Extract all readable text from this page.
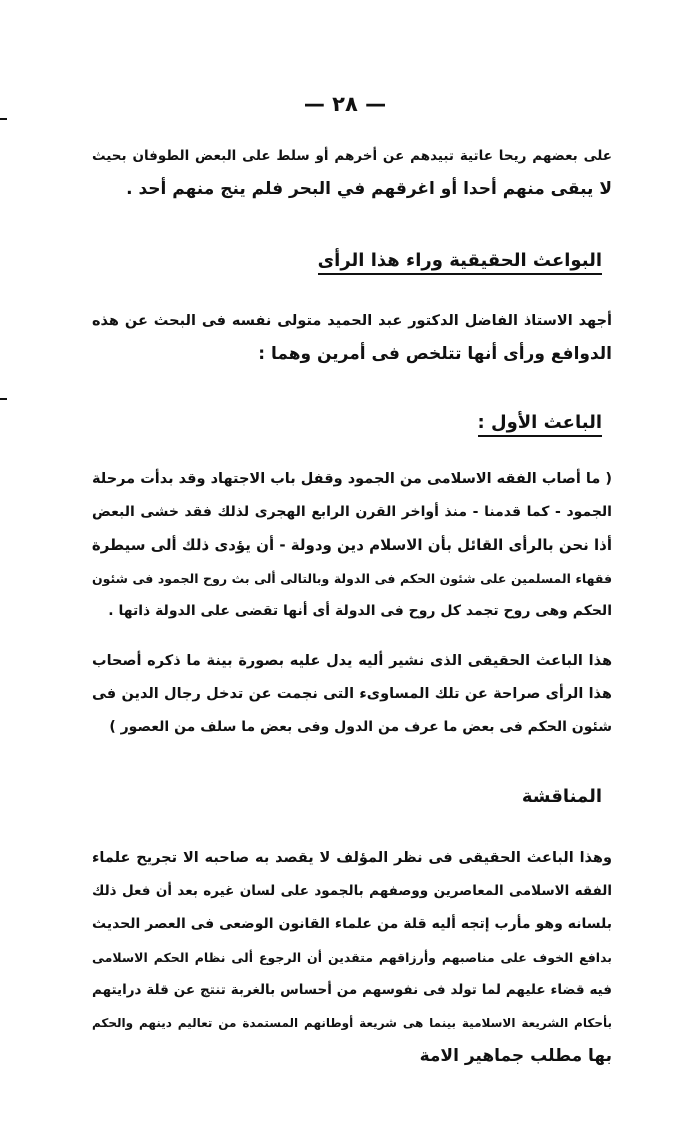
— ٢٨ —
على بعضهم ريحا عاتية تبيدهم عن أخرهم أو سلط على البعض الطوفان بحيث
لا يبقى منهم أحدا أو اغرقهم في البحر فلم ينج منهم أحد .
البواعث الحقيقية وراء هذا الرأى
أجهد الاستاذ الفاضل الدكتور عبد الحميد متولى نفسه فى البحث عن هذه
الدوافع ورأى أنها تتلخص فى أمرين وهما :
الباعث الأول :
( ما أصاب الفقه الاسلامى من الجمود وقفل باب الاجتهاد وقد بدأت مرحلة
الجمود - كما قدمنا - منذ أواخر القرن الرابع الهجرى لذلك فقد خشى البعض
أذا نحن بالرأى القائل بأن الاسلام دين ودولة - أن يؤدى ذلك ألى سيطرة
فقهاء المسلمين على شئون الحكم فى الدولة وبالتالى ألى بث روح الجمود فى شئون
الحكم وهى روح تجمد كل روح فى الدولة أى أنها تقضى على الدولة ذاتها .
هذا الباعث الحقيقى الذى نشير أليه يدل عليه بصورة بينة ما ذكره أصحاب
هذا الرأى صراحة عن تلك المساوىء التى نجمت عن تدخل رجال الدين فى
شئون الحكم فى بعض ما عرف من الدول وفى بعض ما سلف من العصور )
المناقشة
وهذا الباعث الحقيقى فى نظر المؤلف لا يقصد به صاحبه الا تجريح علماء
الفقه الاسلامى المعاصرين ووصفهم بالجمود على لسان غيره بعد أن فعل ذلك
بلسانه وهو مأرب إتجه أليه قلة من علماء القانون الوضعى فى العصر الحديث
بدافع الخوف على مناصبهم وأرزاقهم متقدين أن الرجوع ألى نظام الحكم الاسلامى
فيه قضاء عليهم لما تولد فى نفوسهم من أحساس بالغربة تنتج عن قلة درايتهم
بأحكام الشريعة الاسلامية بينما هى شريعة أوطانهم المستمدة من تعاليم دينهم والحكم
بها مطلب جماهير الامة
